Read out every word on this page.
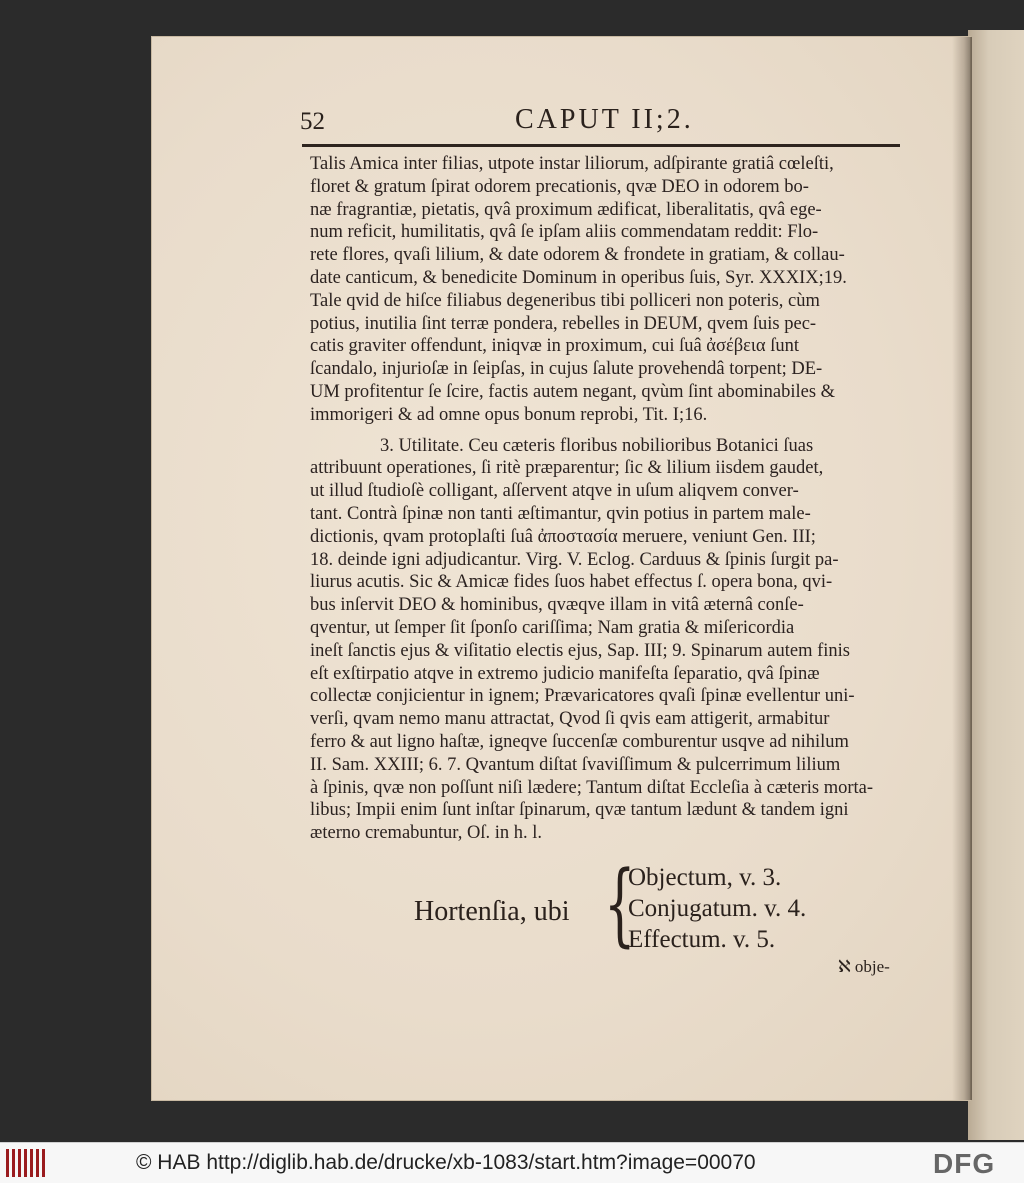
52	CAPUT II;2.

Talis Amica inter filias, utpote instar liliorum, adſpirante gratiâ cœleſti,

floret & gratum ſpirat odorem precationis, qvæ DEO in odorem bo-

næ fragrantiæ, pietatis, qvâ proximum ædificat, liberalitatis, qvâ ege-

num reficit, humilitatis, qvâ ſe ipſam aliis commendatam reddit: Flo-

rete flores, qvaſi lilium, & date odorem & frondete in gratiam, & collau-

date canticum, & benedicite Dominum in operibus ſuis, Syr. XXXIX;19.

Tale qvid de hiſce filiabus degeneribus tibi polliceri non poteris, cùm

potius, inutilia ſint terræ pondera, rebelles in DEUM, qvem ſuis pec-

catis graviter offendunt, iniqvæ in proximum, cui ſuâ ἀσέβεια ſunt

ſcandalo, injurioſæ in ſeipſas, in cujus ſalute provehendâ torpent; DE-

UM profitentur ſe ſcire, factis autem negant, qvùm ſint abominabiles &

immorigeri & ad omne opus bonum reprobi, Tit. I;16.

3. Utilitate. Ceu cæteris floribus nobilioribus Botanici ſuas

attribuunt operationes, ſi ritè præparentur; ſic & lilium iisdem gaudet,

ut illud ſtudioſè colligant, aſſervent atqve in uſum aliqvem conver-

tant. Contrà ſpinæ non tanti æſtimantur, qvin potius in partem male-

dictionis, qvam protoplaſti ſuâ ἀποστασία meruere, veniunt Gen. III;

18. deinde igni adjudicantur. Virg. V. Eclog. Carduus & ſpinis ſurgit pa-

liurus acutis. Sic & Amicæ fides ſuos habet effectus ſ. opera bona, qvi-

bus inſervit DEO & hominibus, qvæqve illam in vitâ æternâ conſe-

qventur, ut ſemper ſit ſponſo cariſſima; Nam gratia & miſericordia

ineſt ſanctis ejus & viſitatio electis ejus, Sap. III; 9. Spinarum autem finis

eſt exſtirpatio atqve in extremo judicio manifeſta ſeparatio, qvâ ſpinæ

collectæ conjicientur in ignem; Prævaricatores qvaſi ſpinæ evellentur uni-

verſi, qvam nemo manu attractat, Qvod ſi qvis eam attigerit, armabitur

ferro & aut ligno haſtæ, igneqve ſuccenſæ comburentur usqve ad nihilum

II. Sam. XXIII; 6. 7. Qvantum diſtat ſvaviſſimum & pulcerrimum lilium

à ſpinis, qvæ non poſſunt niſi lædere; Tantum diſtat Eccleſia à cæteris morta-

libus; Impii enim ſunt inſtar ſpinarum, qvæ tantum lædunt & tandem igni

æterno cremabuntur, Oſ. in h. l.

Hortenſia, ubi {
Objectum, v. 3.
Conjugatum. v. 4.
Effectum. v. 5.
ℵ obje-
© HAB http://diglib.hab.de/drucke/xb-1083/start.htm?image=00070	DFG
